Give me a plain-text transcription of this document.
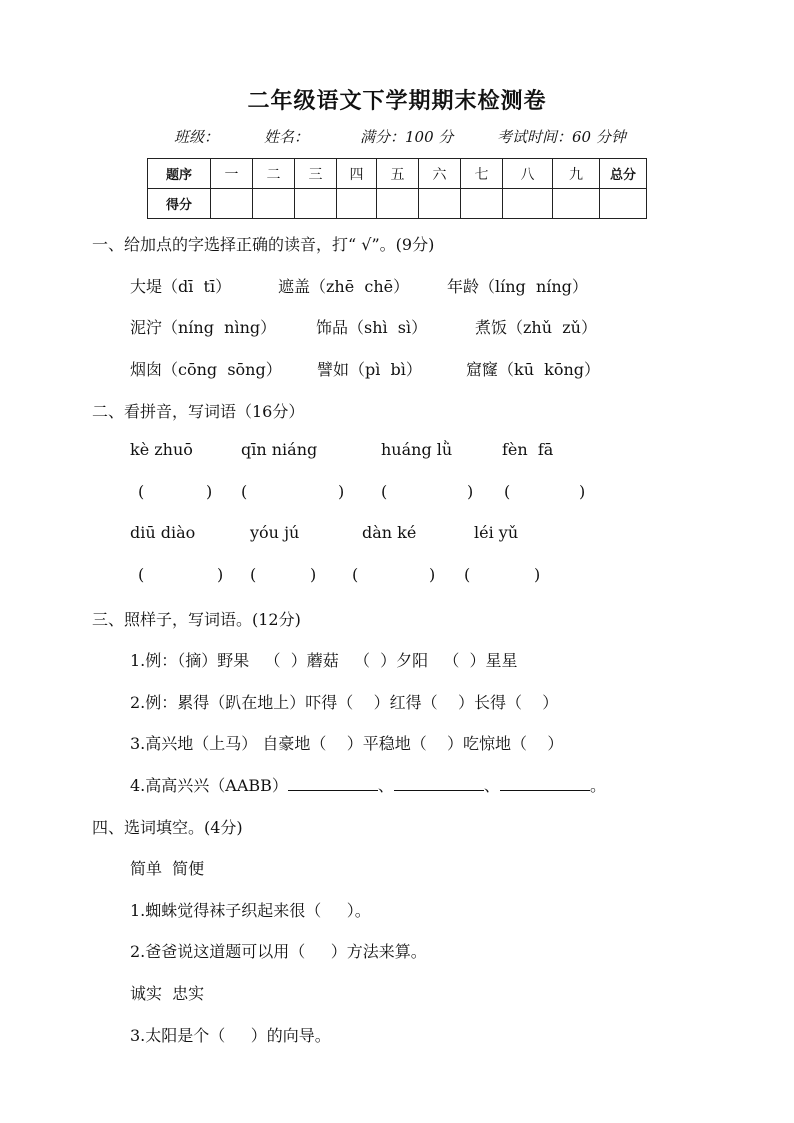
二年级语文下学期期末检测卷
班级：	姓名：	满分：100 分	考试时间：60 分钟
题序	一	二	三	四	五	六	七	八	九	总分
得分										
一、给加点的字选择正确的读音，打“ √”。(9分)
大堤（dī  tī）	遮盖（zhē  chē） 年龄（líng  níng）
泥泞（níng  nìng） 饰品（shì  sì）	煮饭（zhǔ  zǔ）
烟囱（cōng  sōng） 譬如（pì  bì）	窟窿（kū  kōng）
二、看拼音，写词语（16分）
kè zhuō	qīn niáng	huáng lǜ	fèn  fā
(	) (	) (	) (	)
diū diào	yóu jú	dàn ké	léi yǔ
(	) (	) (	) (	)
三、照样子，写词语。(12分)
1.例：（摘）野果   （  ）蘑菇   （  ）夕阳   （  ）星星
2.例：累得（趴在地上）吓得（    ）红得（    ）长得（    ）
3.高兴地（上马） 自豪地（    ）平稳地（    ）吃惊地（    ）
4.高高兴兴（AABB）	、	、	。
四、选词填空。(4分)
简单  简便
1.蜘蛛觉得袜子织起来很（     ）。
2.爸爸说这道题可以用（     ）方法来算。
诚实  忠实
3.太阳是个（     ）的向导。
